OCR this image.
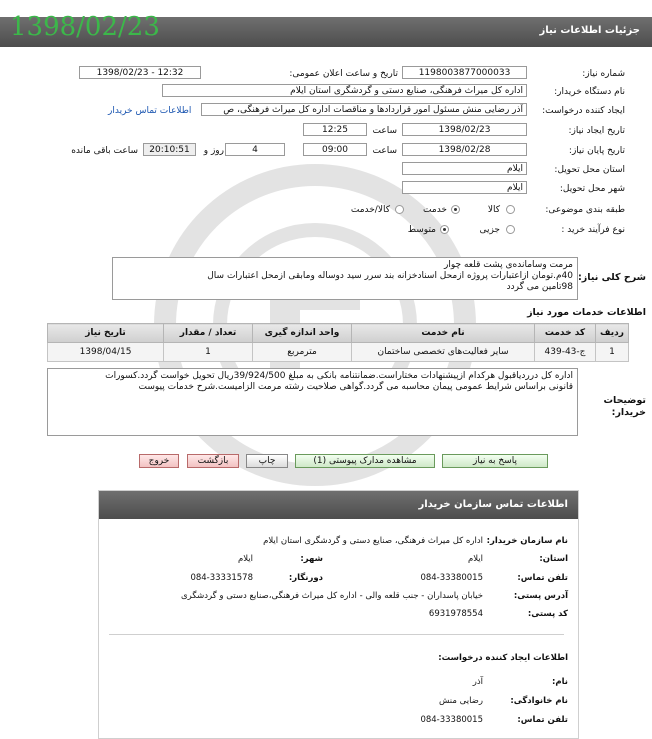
جزئیات اطلاعات نیاز
1398/02/23
شماره نیاز:
1198003877000033
تاریخ و ساعت اعلان عمومی:
1398/02/23 - 12:32
نام دستگاه خریدار:
اداره کل میراث فرهنگی، صنایع دستی و گردشگری استان ایلام
ایجاد کننده درخواست:
آذر رضایی منش مسئول امور قراردادها و مناقصات اداره کل میراث فرهنگی، ص
اطلاعات تماس خریدار
تاریخ ایجاد نیاز:
1398/02/23
ساعت
12:25
تاریخ پایان نیاز:
1398/02/28
ساعت
09:00
4
روز و
20:10:51
ساعت باقی مانده
استان محل تحویل:
ایلام
شهر محل تحویل:
ایلام
طبقه بندی موضوعی:
کالا
خدمت
کالا/خدمت
نوع فرآیند خرید :
جزیی
متوسط
شرح کلی نیاز:
مرمت وسامانده‌ی پشت قلعه چوار
40م.تومان ازاعتبارات پروژه ازمحل اسنادخزانه بند سرر سید دوساله ومابقی ازمحل اعتبارات سال
98تامین می گردد
اطلاعات خدمات مورد نیاز
ردیف	کد خدمت	نام خدمت	واحد اندازه گیری	تعداد / مقدار	تاریخ نیاز
1	ج-43-439	سایر فعالیت‌های تخصصی ساختمان	مترمربع	1	1398/04/15
توضیحات خریدار:
اداره کل درردیاقبول هرکدام ازپیشنهادات مختاراست.ضمانتنامه بانکی به مبلغ 39/924/500ریال تحویل خواست گردد.کسورات
قانونی براساس شرایط عمومی پیمان محاسبه می گردد.گواهی صلاحیت رشته مرمت الزامیست.شرح خدمات پیوست
پاسخ به نیاز
مشاهده مدارک پیوستی (1)
چاپ
بازگشت
خروج
اطلاعات تماس سازمان خریدار
نام سازمان خریدار:
اداره کل میراث فرهنگی، صنایع دستی و گردشگری استان ایلام
استان:
ایلام
شهر:
ایلام
تلفن تماس:
084-33380015
دورنگار:
084-33331578
آدرس پستی:
خیابان پاسداران - جنب قلعه والی - اداره کل میراث فرهنگی،صنایع دستی و گردشگری
کد پستی:
6931978554
اطلاعات ایجاد کننده درخواست:
نام:
آذر
نام خانوادگی:
رضایی منش
تلفن تماس:
084-33380015
